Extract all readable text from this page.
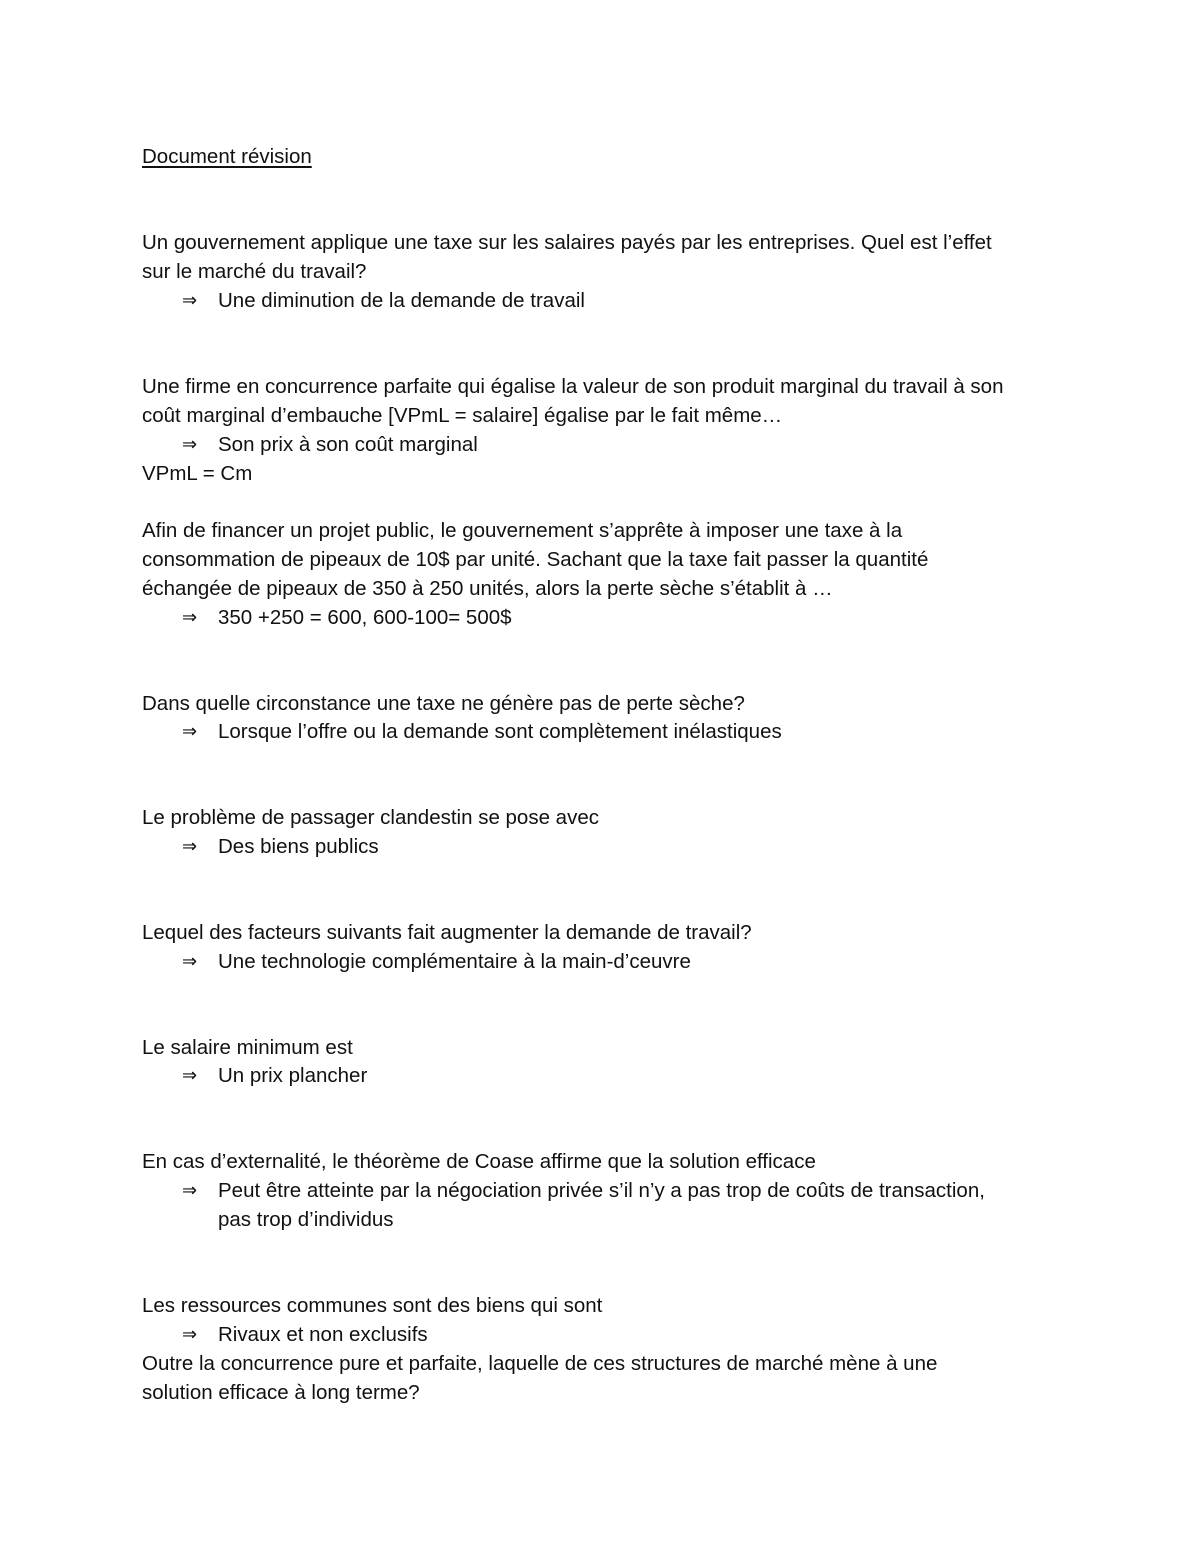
Document révision
Un gouvernement applique une taxe sur les salaires payés par les entreprises. Quel est l’effet
sur le marché du travail?
⇒ Une diminution de la demande de travail
Une firme en concurrence parfaite qui égalise la valeur de son produit marginal du travail à son
coût marginal d’embauche [VPmL = salaire] égalise par le fait même…
⇒ Son prix à son coût marginal
VPmL = Cm
Afin de financer un projet public, le gouvernement s’apprête à imposer une taxe à la
consommation de pipeaux de 10$ par unité. Sachant que la taxe fait passer la quantité
échangée de pipeaux de 350 à 250 unités, alors la perte sèche s’établit à …
⇒ 350 +250 = 600, 600-100= 500$
Dans quelle circonstance une taxe ne génère pas de perte sèche?
⇒ Lorsque l’offre ou la demande sont complètement inélastiques
Le problème de passager clandestin se pose avec
⇒ Des biens publics
Lequel des facteurs suivants fait augmenter la demande de travail?
⇒ Une technologie complémentaire à la main-d’ceuvre
Le salaire minimum est
⇒ Un prix plancher
En cas d’externalité, le théorème de Coase affirme que la solution efficace
⇒ Peut être atteinte par la négociation privée s’il n’y a pas trop de coûts de transaction,
pas trop d’individus
Les ressources communes sont des biens qui sont
⇒ Rivaux et non exclusifs
Outre la concurrence pure et parfaite, laquelle de ces structures de marché mène à une
solution efficace à long terme?
